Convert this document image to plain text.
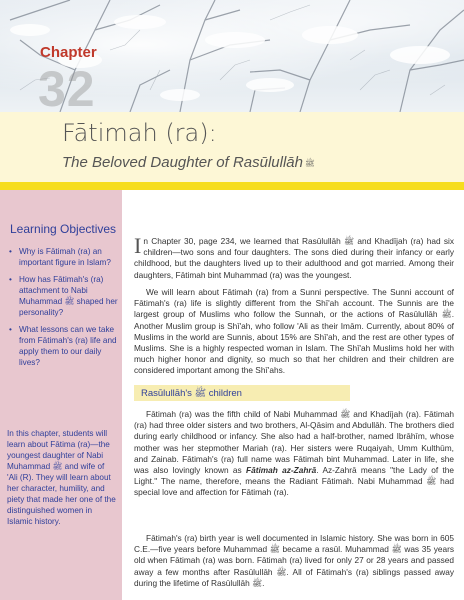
Chapter
32
Fātimah (ra):
The Beloved Daughter of Rasūlullāh ﷺ
Learning Objectives
• Why is Fātimah (ra) an important figure in Islam?
• How has Fātimah's (ra) attachment to Nabi Muhammad ﷺ shaped her personality?
• What lessons can we take from Fātimah's (ra) life and apply them to our daily lives?
In this chapter, students will learn about Fātima (ra)—the youngest daughter of Nabi Muhammad ﷺ and wife of 'Ali (R). They will learn about her character, humility, and piety that made her one of the distinguished women in Islamic history.
In Chapter 30, page 234, we learned that Rasūlullāh ﷺ and Khadījah (ra) had six children—two sons and four daughters. The sons died during their infancy or early childhood, but the daughters lived up to their adulthood and got married. Among their daughters, Fātimah bint Muhammad (ra) was the youngest.
We will learn about Fātimah (ra) from a Sunni perspective. The Sunni account of Fātimah's (ra) life is slightly different from the Shī'ah account. The Sunnis are the largest group of Muslims who follow the Sunnah, or the actions of Rasūlullāh ﷺ. Another Muslim group is Shī'ah, who follow 'Ali as their Imām. Currently, about 80% of Muslims in the world are Sunnis, about 15% are Shī'ah, and the rest are other types of Muslims. She is a highly respected woman in Islam. The Shī'ah Muslims hold her with much higher honor and dignity, so much so that her children and their children are considered important among the Shī'ahs.
Rasūlullāh's ﷺ children
Fātimah (ra) was the fifth child of Nabi Muhammad ﷺ and Khadījah (ra). Fātimah (ra) had three older sisters and two brothers, Al-Qāsim and Abdullāh. The brothers died during early childhood or infancy. She also had a half-brother, named Ibrāhīm, whose mother was her stepmother Mariah (ra). Her sisters were Ruqaiyah, Umm Kulthūm, and Zainab. Fātimah's (ra) full name was Fātimah bint Muhammad. Later in life, she was also lovingly known as Fātimah az-Zahrā. Az-Zahrā means "the Lady of the Light." The name, therefore, means the Radiant Fātimah. Nabi Muhammad ﷺ had special love and affection for Fātimah (ra).
Fātimah's (ra) birth year is well documented in Islamic history. She was born in 605 C.E.—five years before Muhammad ﷺ became a rasūl. Muhammad ﷺ was 35 years old when Fātimah (ra) was born. Fātimah (ra) lived for only 27 or 28 years and passed away a few months after Rasūlullāh ﷺ. All of Fātimah's (ra) siblings passed away during the lifetime of Rasūlullāh ﷺ.
